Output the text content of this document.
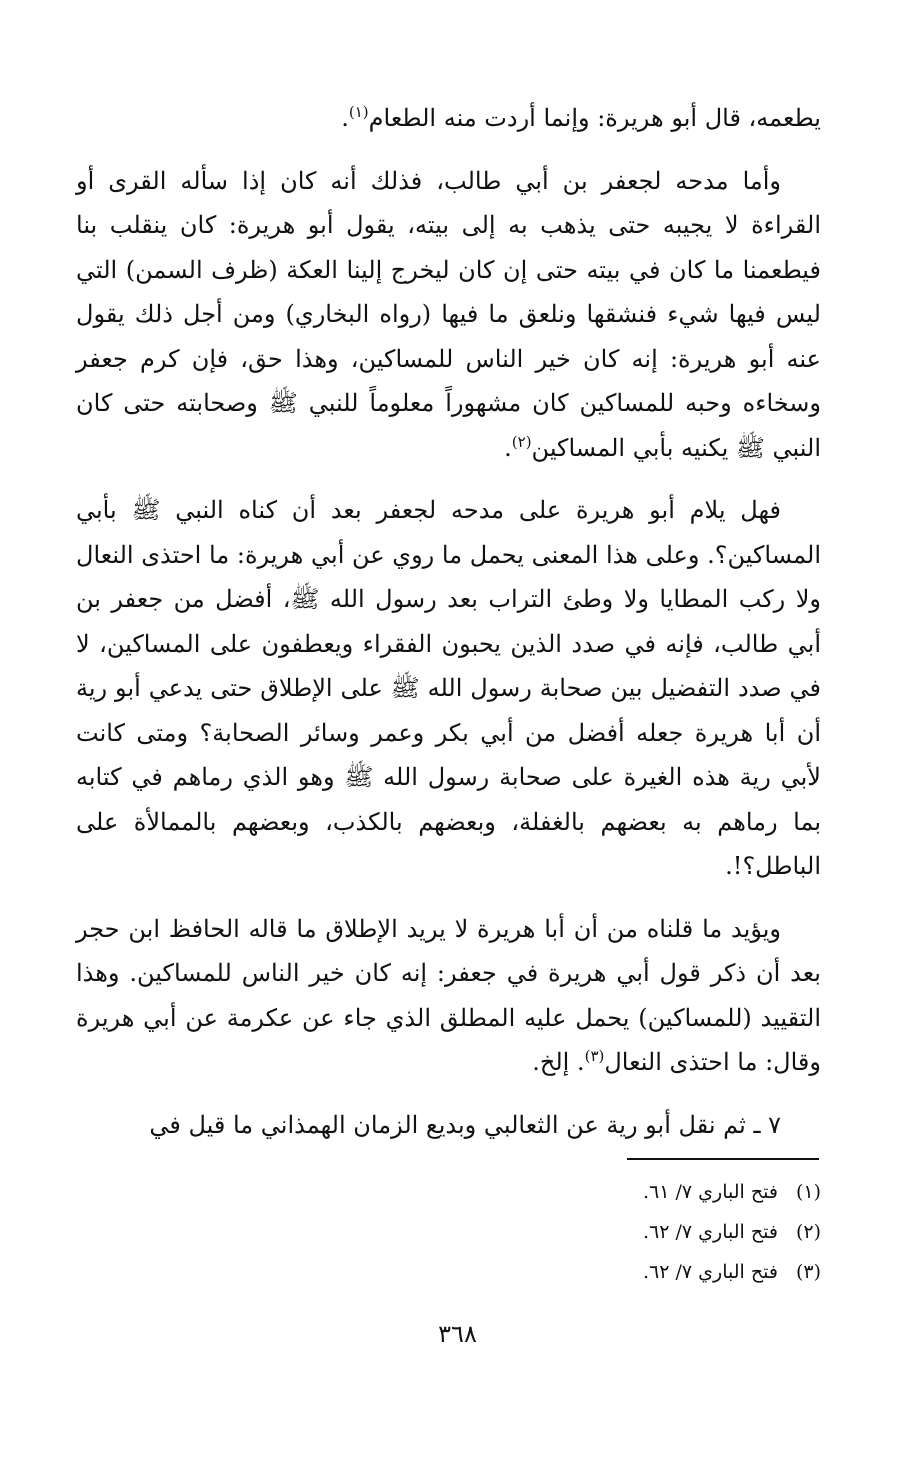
يطعمه، قال أبو هريرة: وإنما أردت منه الطعام$^{(١)}$.

وأما مدحه لجعفر بن أبي طالب، فذلك أنه كان إذا سأله القرى أو القراءة لا يجيبه حتى يذهب به إلى بيته، يقول أبو هريرة: كان ينقلب بنا فيطعمنا ما كان في بيته حتى إن كان ليخرج إلينا العكة (ظرف السمن) التي ليس فيها شيء فنشقها ونلعق ما فيها (رواه البخاري) ومن أجل ذلك يقول عنه أبو هريرة: إنه كان خير الناس للمساكين، وهذا حق، فإن كرم جعفر وسخاءه وحبه للمساكين كان مشهوراً معلوماً للنبي ﷺ وصحابته حتى كان النبي ﷺ يكنيه بأبي المساكين$^{(٢)}$.

فهل يلام أبو هريرة على مدحه لجعفر بعد أن كناه النبي ﷺ بأبي المساكين؟. وعلى هذا المعنى يحمل ما روي عن أبي هريرة: ما احتذى النعال ولا ركب المطايا ولا وطئ التراب بعد رسول الله ﷺ، أفضل من جعفر بن أبي طالب، فإنه في صدد الذين يحبون الفقراء ويعطفون على المساكين، لا في صدد التفضيل بين صحابة رسول الله ﷺ على الإطلاق حتى يدعي أبو رية أن أبا هريرة جعله أفضل من أبي بكر وعمر وسائر الصحابة؟ ومتى كانت لأبي رية هذه الغيرة على صحابة رسول الله ﷺ وهو الذي رماهم في كتابه بما رماهم به بعضهم بالغفلة، وبعضهم بالكذب، وبعضهم بالممالأة على الباطل؟!.

ويؤيد ما قلناه من أن أبا هريرة لا يريد الإطلاق ما قاله الحافظ ابن حجر بعد أن ذكر قول أبي هريرة في جعفر: إنه كان خير الناس للمساكين. وهذا التقييد (للمساكين) يحمل عليه المطلق الذي جاء عن عكرمة عن أبي هريرة وقال: ما احتذى النعال$^{(٣)}$. إلخ.

٧ ـ ثم نقل أبو رية عن الثعالبي وبديع الزمان الهمذاني ما قيل في

(١)فتح الباري ٧/ ٦١.
(٢)فتح الباري ٧/ ٦٢.
(٣)فتح الباري ٧/ ٦٢.
٣٦٨
